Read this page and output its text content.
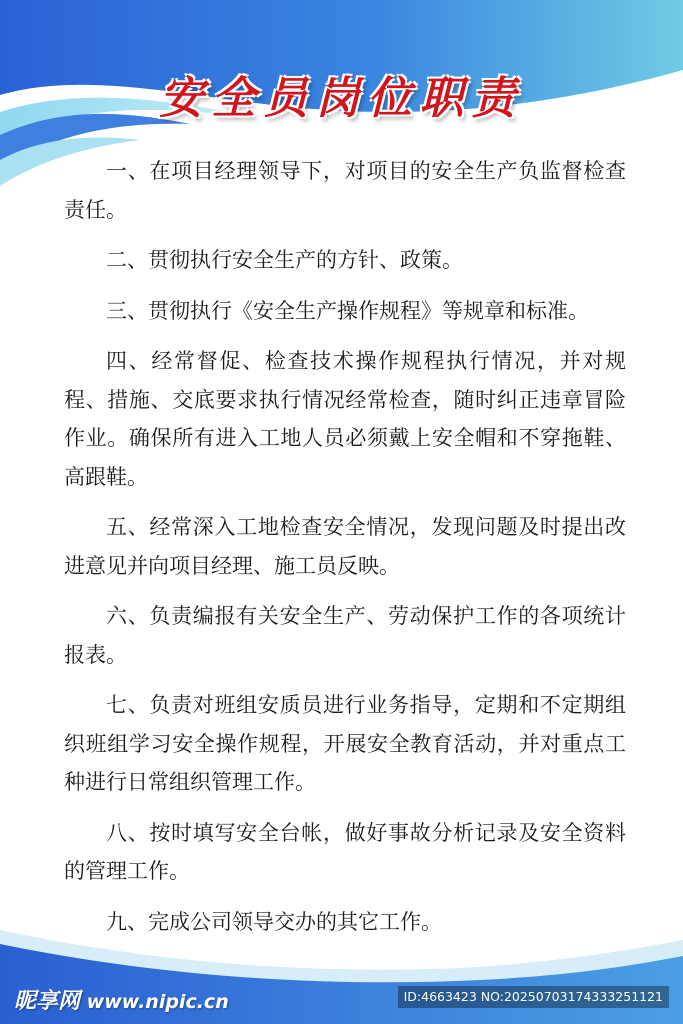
安全员岗位职责

一、在项目经理领导下，对项目的安全生产负监督检查责任。

二、贯彻执行安全生产的方针、政策。

三、贯彻执行《安全生产操作规程》等规章和标准。

四、经常督促、检查技术操作规程执行情况，并对规程、措施、交底要求执行情况经常检查，随时纠正违章冒险作业。确保所有进入工地人员必须戴上安全帽和不穿拖鞋、高跟鞋。

五、经常深入工地检查安全情况，发现问题及时提出改进意见并向项目经理、施工员反映。

六、负责编报有关安全生产、劳动保护工作的各项统计报表。

七、负责对班组安质员进行业务指导，定期和不定期组织班组学习安全操作规程，开展安全教育活动，并对重点工种进行日常组织管理工作。

八、按时填写安全台帐，做好事故分析记录及安全资料的管理工作。

九、完成公司领导交办的其它工作。

昵享网 www.nipic.cn	ID:4663423 NO:20250703174333251121
